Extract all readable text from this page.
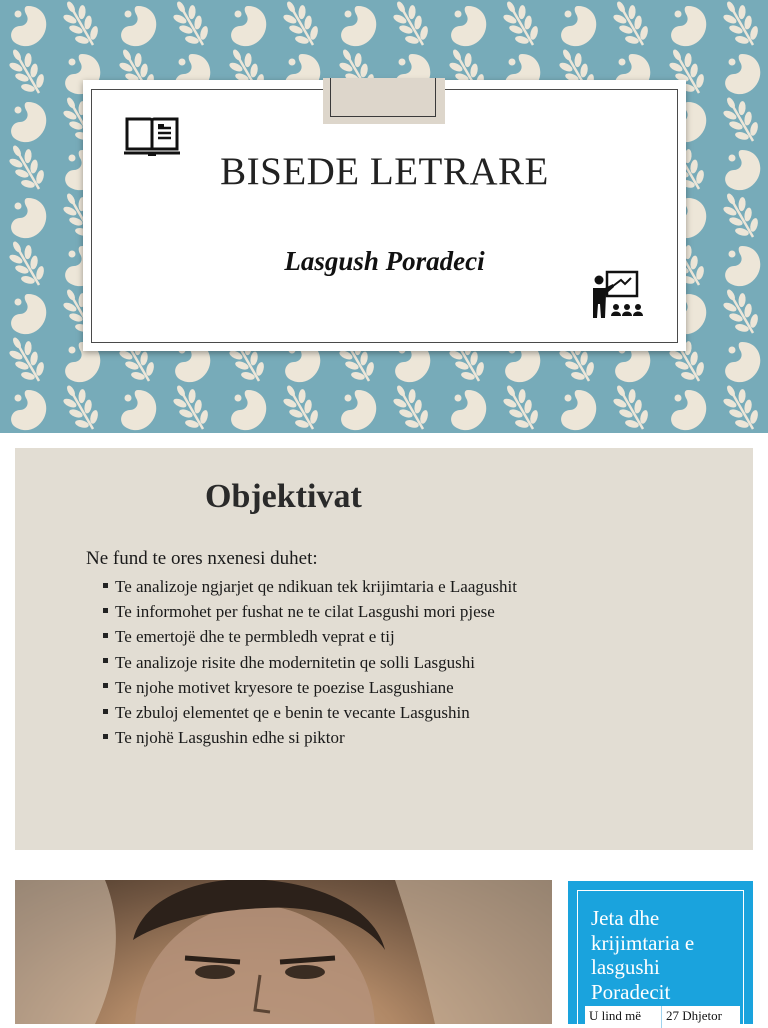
BISEDE LETRARE
Lasgush Poradeci
Objektivat
Ne fund te ores nxenesi duhet:
Te analizoje ngjarjet qe ndikuan tek krijimtaria e Laagushit
Te informohet per fushat ne te cilat Lasgushi mori pjese
Te emertojë dhe te permbledh veprat e tij
Te analizoje risite dhe modernitetin qe solli Lasgushi
Te njohe motivet kryesore te poezise Lasgushiane
Te zbuloj elementet qe e benin te vecante Lasgushin
Te njohë Lasgushin edhe si piktor
Jeta dhe krijimtaria e lasgushi Poradecit
U lind më	27 Dhjetor
